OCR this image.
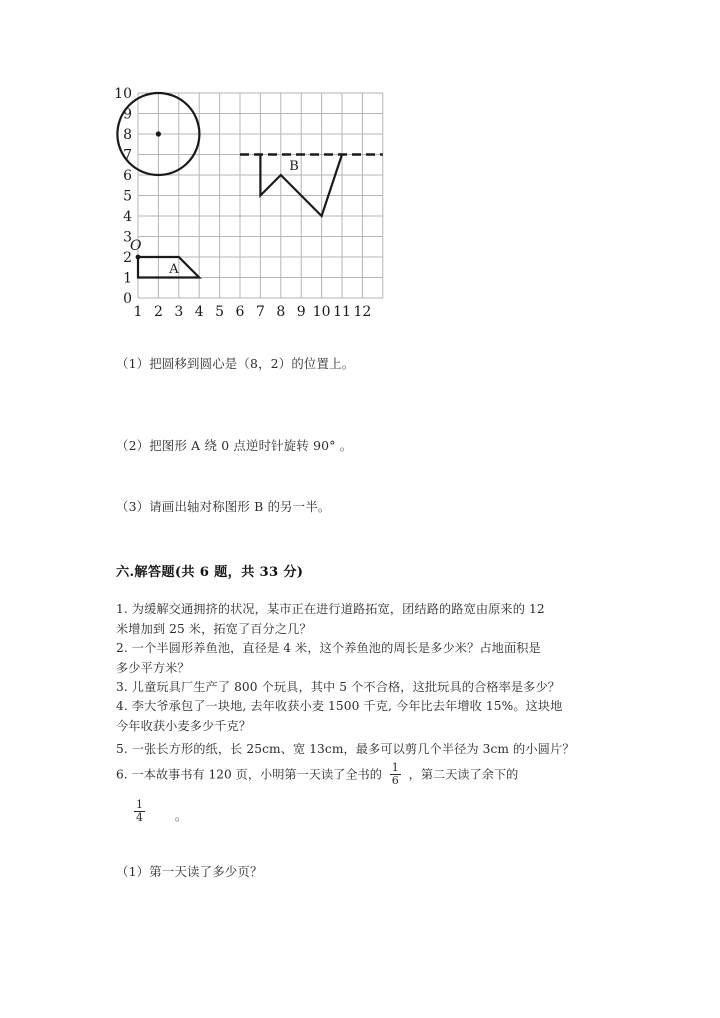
10
9
8
7
6
5
4
3
2
1
0
1 2 3 4 5 6 7 8 9 10 11 12
O
A
B
（1）把圆移到圆心是（8，2）的位置上。
（2）把图形 A 绕 0 点逆时针旋转 90° 。
（3）请画出轴对称图形 B 的另一半。
六.解答题(共 6 题，共 33 分)
1. 为缓解交通拥挤的状况，某市正在进行道路拓宽，团结路的路宽由原来的 12
米增加到 25 米，拓宽了百分之几？
2. 一个半圆形养鱼池，直径是 4 米，这个养鱼池的周长是多少米？占地面积是
多少平方米？
3. 儿童玩具厂生产了 800 个玩具，其中 5 个不合格，这批玩具的合格率是多少？
4. 李大爷承包了一块地, 去年收获小麦 1500 千克, 今年比去年增收 15%。这块地
今年收获小麦多少千克？
5. 一张长方形的纸，长 25cm、宽 13cm，最多可以剪几个半径为 3cm 的小圆片？
6. 一本故事书有 120 页，小明第一天读了全书的 $\frac{1}{6}$ ，第二天读了余下的
$\frac{1}{4}$ 。
（1）第一天读了多少页？
